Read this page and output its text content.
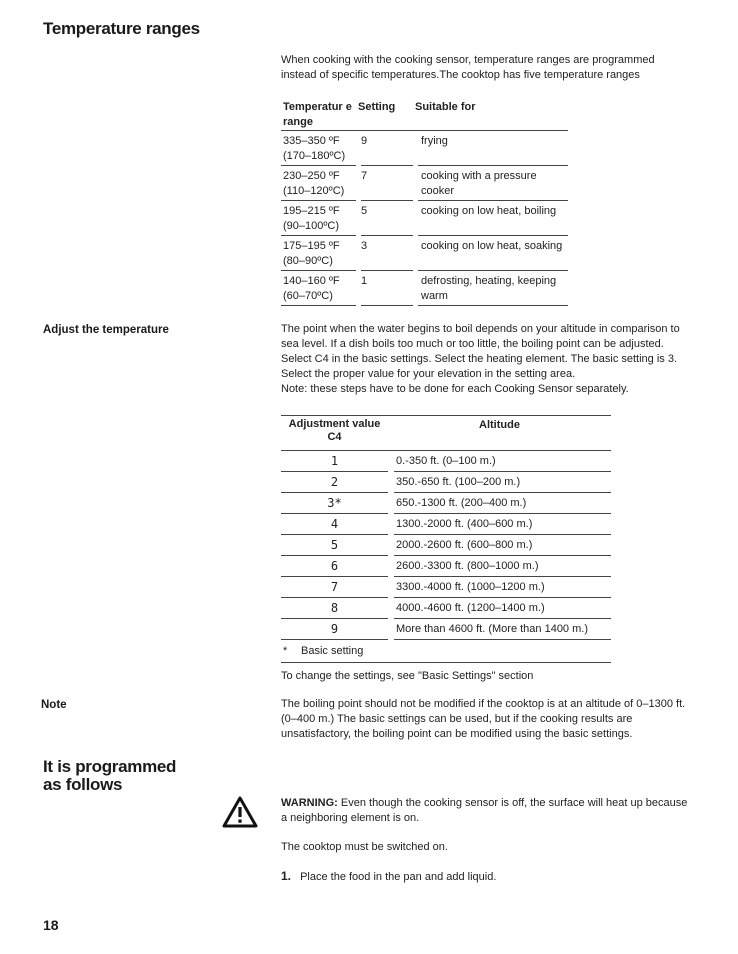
Temperature ranges
When cooking with the cooking sensor, temperature ranges are programmed instead of specific temperatures.The cooktop has five temperature ranges
Temperatur e range
Setting	Suitable for
335–350 ºF
(170–180ºC)
9	frying
230–250 ºF
(110–120ºC)
7	cooking with a pressure cooker
195–215 ºF
(90–100ºC)
5	cooking on low heat, boiling
175–195 ºF
(80–90ºC)
3	cooking on low heat, soaking
140–160 ºF
(60–70ºC)
1	defrosting, heating, keeping warm
Adjust the temperature	The point when the water begins to boil depends on your altitude in comparison to
sea level. If a dish boils too much or too little, the boiling point can be adjusted.
Select C4 in the basic settings. Select the heating element. The basic setting is 3.
Select the proper value for your elevation in the setting area.
Note: these steps have to be done for each Cooking Sensor separately.
Adjustment value C4
Altitude
1	0.-350 ft. (0–100 m.)
2	350.-650 ft. (100–200 m.)
3*	650.-1300 ft. (200–400 m.)
4	1300.-2000 ft. (400–600 m.)
5	2000.-2600 ft. (600–800 m.)
6	2600.-3300 ft. (800–1000 m.)
7	3300.-4000 ft. (1000–1200 m.)
8	4000.-4600 ft. (1200–1400 m.)
9	More than 4600 ft. (More than 1400 m.)
*	Basic setting
To change the settings, see "Basic Settings" section
Note	The boiling point should not be modified if the cooktop is at an altitude of 0–1300 ft.
(0–400 m.) The basic settings can be used, but if the cooking results are
unsatisfactory, the boiling point can be modified using the basic settings.
It is programmed
as follows
WARNING: Even though the cooking sensor is off, the surface will heat up because
a neighboring element is on.
The cooktop must be switched on.
1. Place the food in the pan and add liquid.
18
